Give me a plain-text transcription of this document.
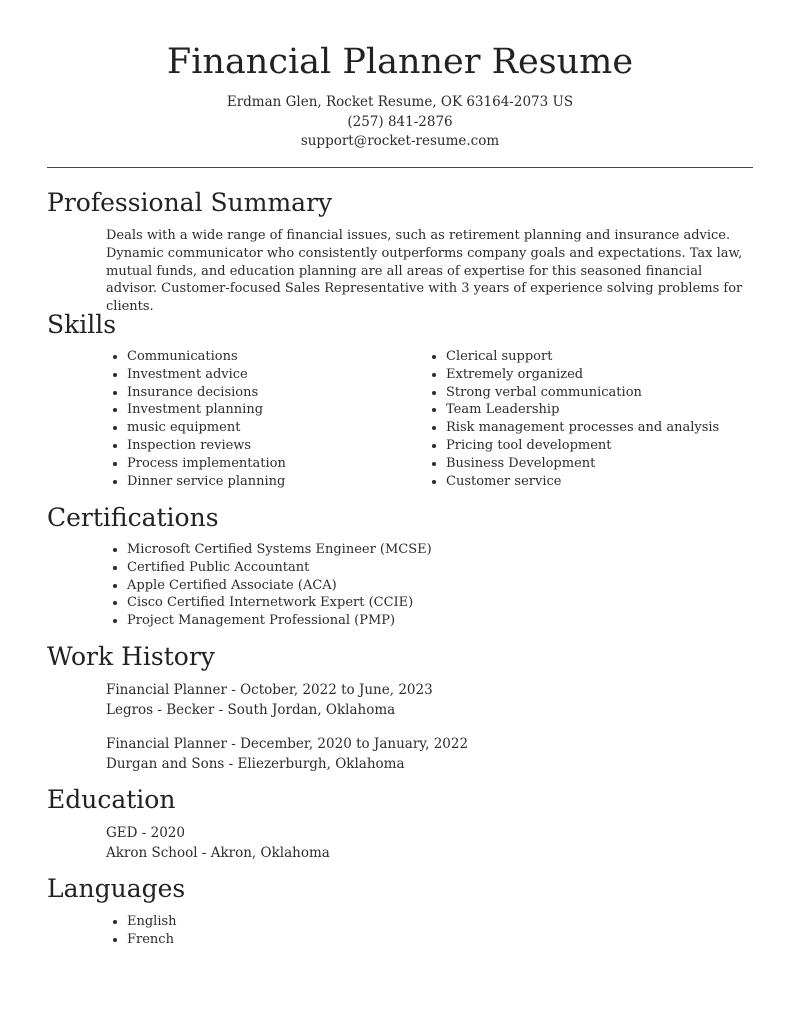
Financial Planner Resume
Erdman Glen, Rocket Resume, OK 63164-2073 US
(257) 841-2876
support@rocket-resume.com
Professional Summary

Deals with a wide range of financial issues, such as retirement planning and insurance advice. Dynamic communicator who consistently outperforms company goals and expectations. Tax law, mutual funds, and education planning are all areas of expertise for this seasoned financial advisor. Customer-focused Sales Representative with 3 years of experience solving problems for clients.

Skills
• Communications
• Investment advice
• Insurance decisions
• Investment planning
• music equipment
• Inspection reviews
• Process implementation
• Dinner service planning
• Clerical support
• Extremely organized
• Strong verbal communication
• Team Leadership
• Risk management processes and analysis
• Pricing tool development
• Business Development
• Customer service
Certifications
• Microsoft Certified Systems Engineer (MCSE)
• Certified Public Accountant
• Apple Certified Associate (ACA)
• Cisco Certified Internetwork Expert (CCIE)
• Project Management Professional (PMP)
Work History
Financial Planner - October, 2022 to June, 2023
Legros - Becker - South Jordan, Oklahoma
Financial Planner - December, 2020 to January, 2022
Durgan and Sons - Eliezerburgh, Oklahoma
Education
GED - 2020
Akron School - Akron, Oklahoma
Languages
• English
• French
